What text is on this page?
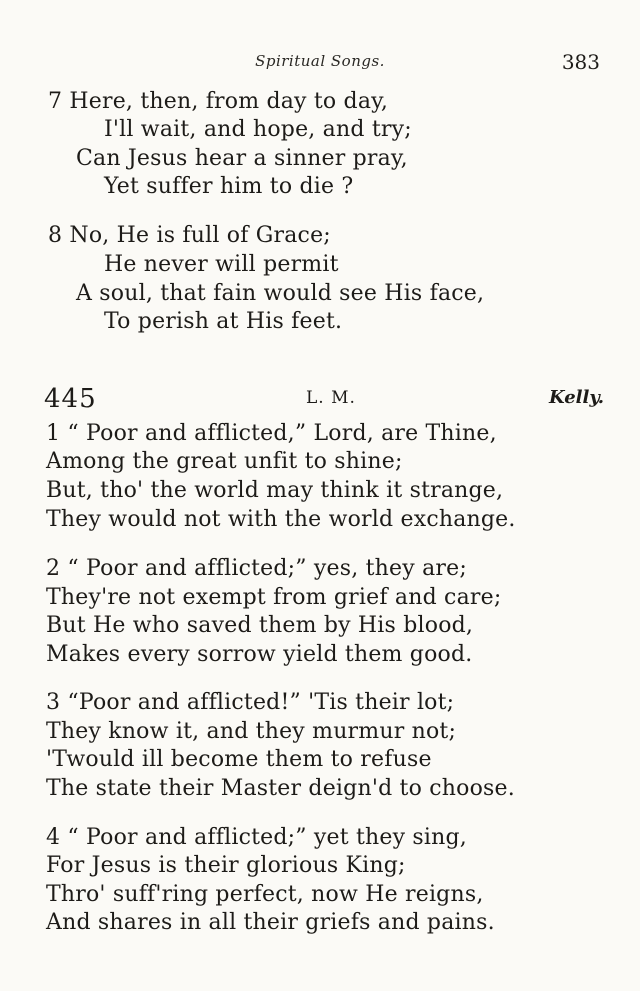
Spiritual Songs.	383
7 Here, then, from day to day,
I'll wait, and hope, and try;
Can Jesus hear a sinner pray,
Yet suffer him to die ?
8 No, He is full of Grace;
He never will permit
A soul, that fain would see His face,
To perish at His feet.
445	L. M.	Kelly.
1 “ Poor and afflicted,” Lord, are Thine,
Among the great unfit to shine;
But, tho' the world may think it strange,
They would not with the world exchange.
2 “ Poor and afflicted;” yes, they are;
They're not exempt from grief and care;
But He who saved them by His blood,
Makes every sorrow yield them good.
3 “Poor and afflicted!” 'Tis their lot;
They know it, and they murmur not;
'Twould ill become them to refuse
The state their Master deign'd to choose.
4 “ Poor and afflicted;” yet they sing,
For Jesus is their glorious King;
Thro' suff'ring perfect, now He reigns,
And shares in all their griefs and pains.
